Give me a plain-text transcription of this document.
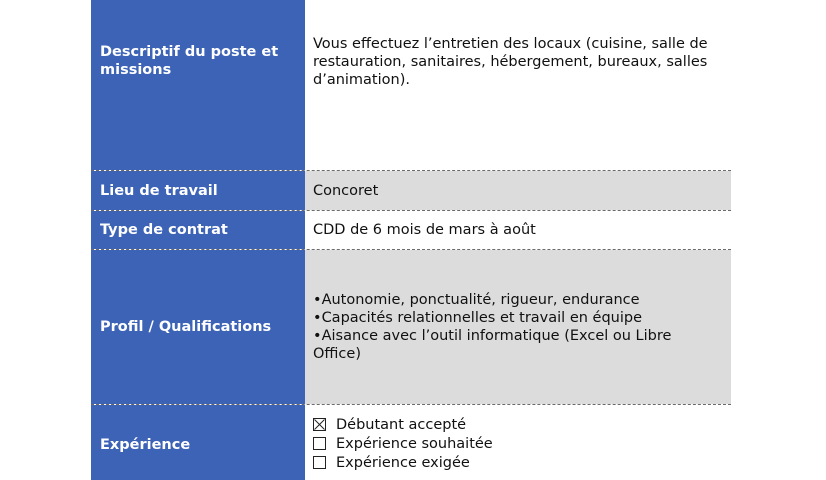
Descriptif du poste et missions
Vous effectuez l’entretien des locaux (cuisine, salle de restauration, sanitaires, hébergement, bureaux, salles d’animation).
Lieu de travail	Concoret
Type de contrat	CDD de 6 mois de mars à août
Profil / Qualifications
•Autonomie, ponctualité, rigueur, endurance
•Capacités relationnelles et travail en équipe
•Aisance avec l’outil informatique (Excel ou Libre Office)
Expérience
Débutant accepté
Expérience souhaitée
Expérience exigée
